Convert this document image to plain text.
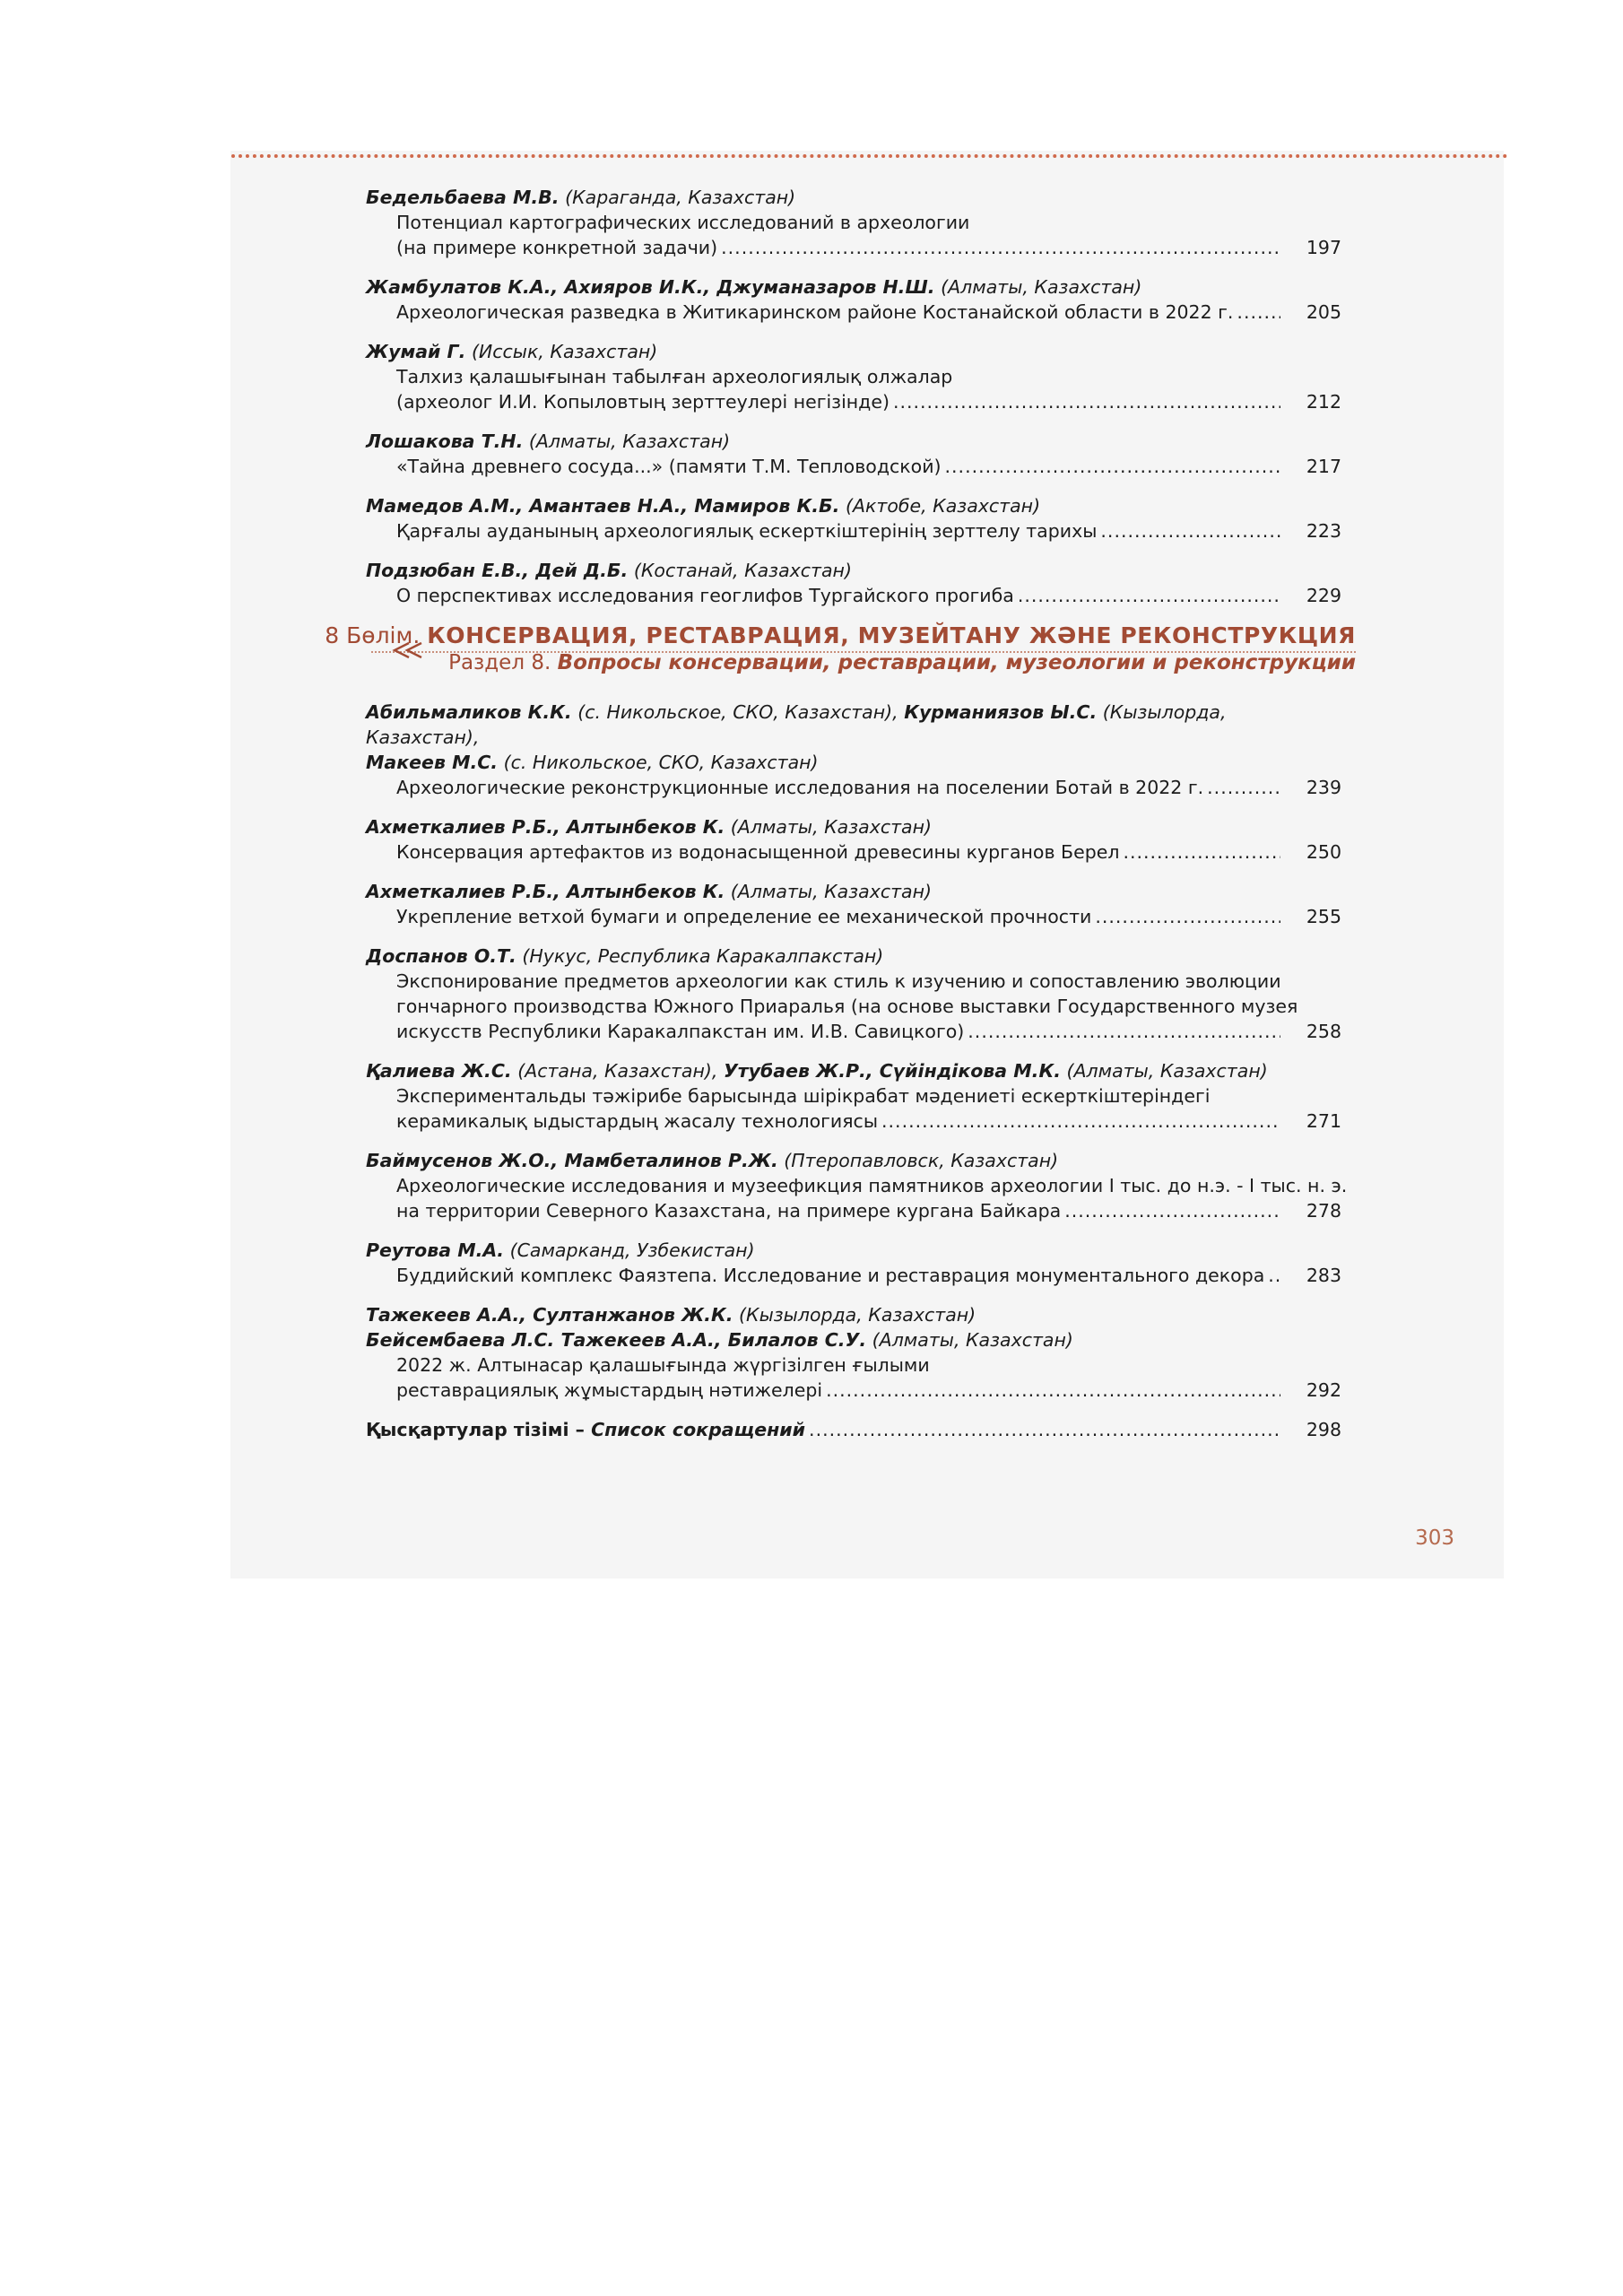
Бедельбаева М.В. (Караганда, Казахстан)
Потенциал картографических исследований в археологии
(на примере конкретной задачи) .....	197
Жамбулатов К.А., Ахияров И.К., Джуманазаров Н.Ш. (Алматы, Казахстан)
Археологическая разведка в Житикаринском районе Костанайской области в 2022 г. .....	205
Жумай Г. (Иссык, Казахстан)
Талхиз қалашығынан табылған археологиялық олжалар
(археолог И.И. Копыловтың зерттеулері негізінде) .....	212
Лошакова Т.Н. (Алматы, Казахстан)
«Тайна древнего сосуда...» (памяти Т.М. Тепловодской) .....	217
Мамедов А.М., Амантаев Н.А., Мамиров К.Б. (Актобе, Казахстан)
Қарғалы ауданының археологиялық ескерткіштерінің зерттелу тарихы .....	223
Подзюбан Е.В., Дей Д.Б. (Костанай, Казахстан)
О перспективах исследования геоглифов Тургайского прогиба .....	229
8 Бөлім. КОНСЕРВАЦИЯ, РЕСТАВРАЦИЯ, МУЗЕЙТАНУ ЖӘНЕ РЕКОНСТРУКЦИЯ
Раздел 8. Вопросы консервации, реставрации, музеологии и реконструкции
Абильмаликов К.К. (с. Никольское, СКО, Казахстан), Курманиязов Ы.С. (Кызылорда, Казахстан),
Макеев М.С. (с. Никольское, СКО, Казахстан)
Археологические реконструкционные исследования на поселении Ботай в 2022 г. .....	239
Ахметкалиев Р.Б., Алтынбеков К. (Алматы, Казахстан)
Консервация артефактов из водонасыщенной древесины курганов Берел .....	250
Ахметкалиев Р.Б., Алтынбеков К. (Алматы, Казахстан)
Укрепление ветхой бумаги и определение ее механической прочности .....	255
Доспанов О.Т. (Нукус, Республика Каракалпакстан)
Экспонирование предметов археологии как стиль к изучению и сопоставлению эволюции
гончарного производства Южного Приаралья (на основе выставки Государственного музея
искусств Республики Каракалпакстан им. И.В. Савицкого) .....	258
Қалиева Ж.С. (Астана, Казахстан), Утубаев Ж.Р., Сүйіндікова М.К. (Алматы, Казахстан)
Экспериментальды тәжірибе барысында шірікрабат мәдениеті ескерткіштеріндегі
керамикалық ыдыстардың жасалу технологиясы .....	271
Баймусенов Ж.О., Мамбеталинов Р.Ж. (Птеропавловск, Казахстан)
Археологические исследования и музеефикция памятников археологии I тыс. до н.э. - I тыс. н. э.
на территории Северного Казахстана, на примере кургана Байкара .....	278
Реутова М.А. (Самарканд, Узбекистан)
Буддийский комплекс Фаязтепа. Исследование и реставрация монументального декора .....	283
Тажекеев А.А., Султанжанов Ж.К. (Кызылорда, Казахстан)
Бейсембаева Л.С. Тажекеев А.А., Билалов С.У. (Алматы, Казахстан)
2022 ж. Алтынасар қалашығында жүргізілген ғылыми
реставрациялық жұмыстардың нәтижелері .....	292
Қысқартулар тізімі – Список сокращений .....	298
303
